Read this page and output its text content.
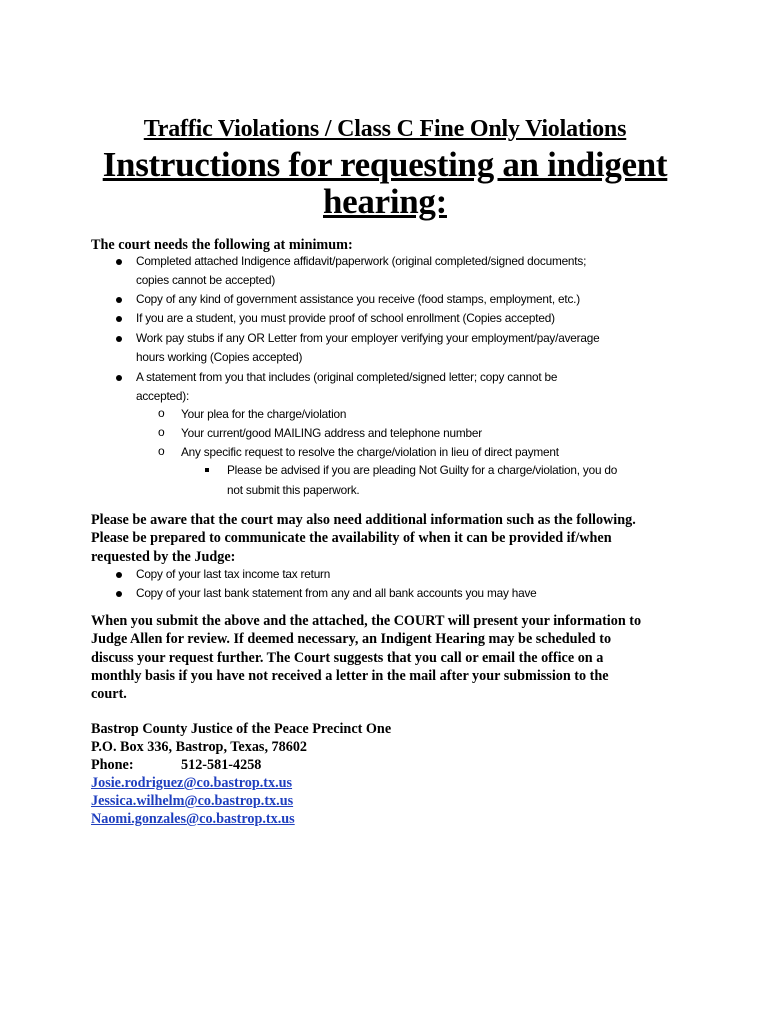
Traffic Violations / Class C Fine Only Violations
Instructions for requesting an indigent
hearing:
The court needs the following at minimum:
Completed attached Indigence affidavit/paperwork (original completed/signed documents;
copies cannot be accepted)
Copy of any kind of government assistance you receive (food stamps, employment, etc.)
If you are a student, you must provide proof of school enrollment (Copies accepted)
Work pay stubs if any OR Letter from your employer verifying your employment/pay/average
hours working (Copies accepted)
A statement from you that includes (original completed/signed letter; copy cannot be
accepted):
o Your plea for the charge/violation
o Your current/good MAILING address and telephone number
o Any specific request to resolve the charge/violation in lieu of direct payment
Please be advised if you are pleading Not Guilty for a charge/violation, you do
not submit this paperwork.
Please be aware that the court may also need additional information such as the following.
Please be prepared to communicate the availability of when it can be provided if/when
requested by the Judge:
Copy of your last tax income tax return
Copy of your last bank statement from any and all bank accounts you may have
When you submit the above and the attached, the COURT will present your information to
Judge Allen for review. If deemed necessary, an Indigent Hearing may be scheduled to
discuss your request further. The Court suggests that you call or email the office on a
monthly basis if you have not received a letter in the mail after your submission to the
court.
Bastrop County Justice of the Peace Precinct One
P.O. Box 336, Bastrop, Texas, 78602
Phone:	512-581-4258
Josie.rodriguez@co.bastrop.tx.us
Jessica.wilhelm@co.bastrop.tx.us
Naomi.gonzales@co.bastrop.tx.us
